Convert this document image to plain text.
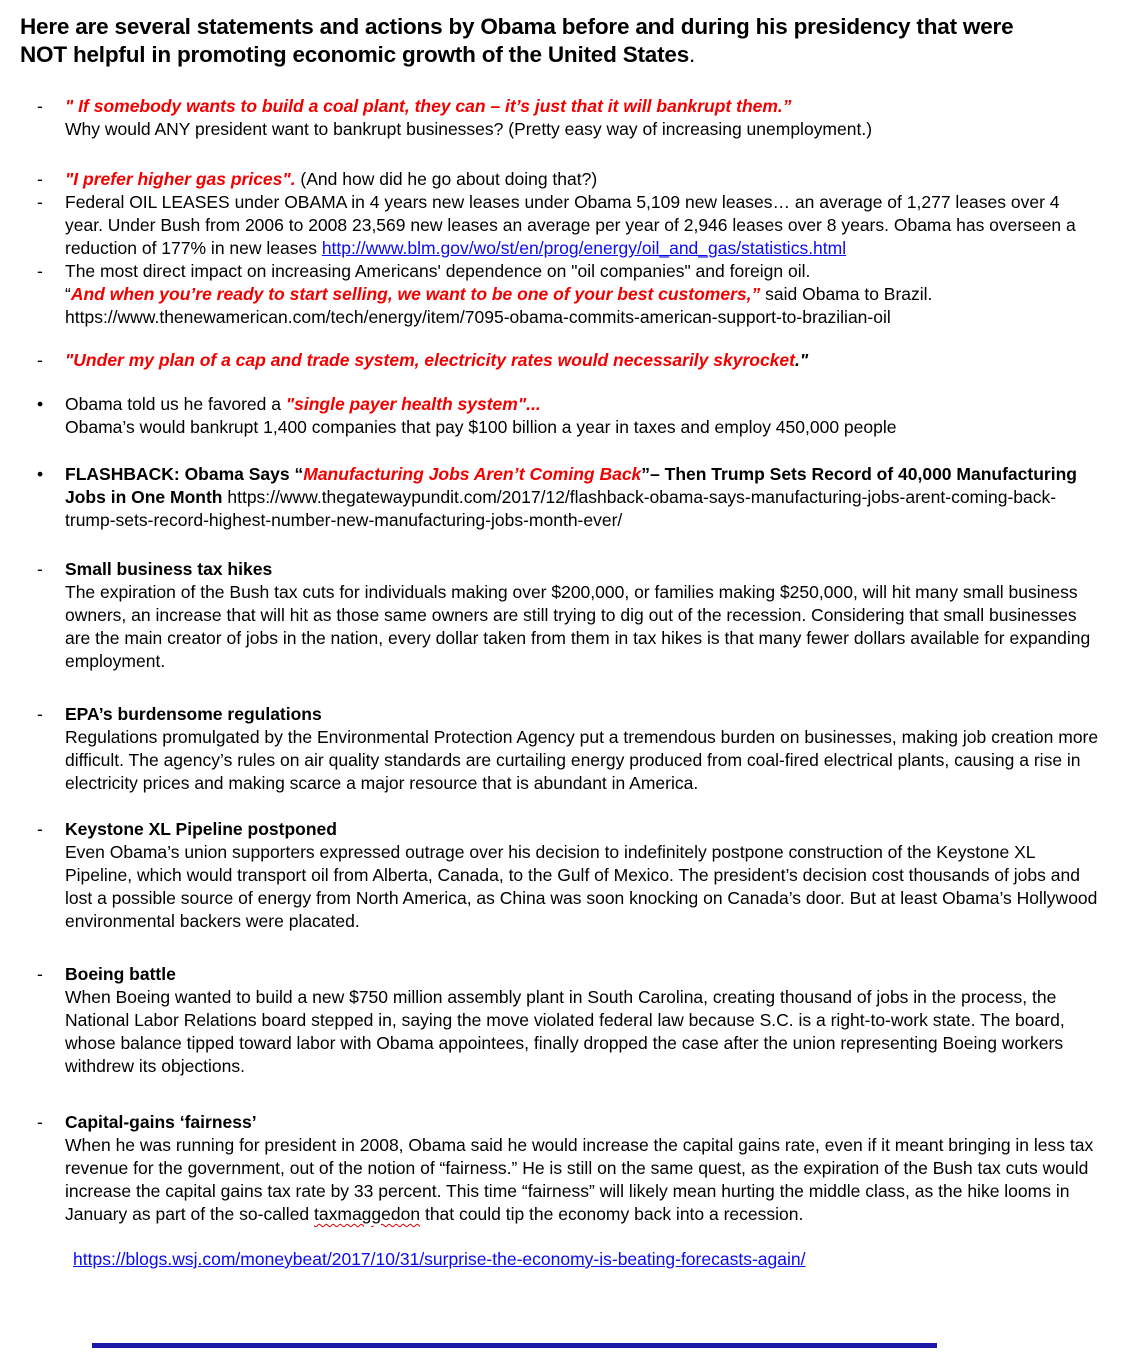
Here are several statements and actions by Obama before and during his presidency that were
NOT helpful in promoting economic growth of the United States.
-	" If somebody wants to build a coal plant, they can – it’s just that it will bankrupt them.”
Why would ANY president want to bankrupt businesses? (Pretty easy way of increasing unemployment.)
-	"I prefer higher gas prices". (And how did he go about doing that?)
-	Federal OIL LEASES under OBAMA in 4 years new leases under Obama 5,109 new leases… an average of 1,277 leases over 4 year. Under Bush from 2006 to 2008 23,569 new leases an average per year of 2,946 leases over 8 years. Obama has overseen a reduction of 177% in new leases http://www.blm.gov/wo/st/en/prog/energy/oil_and_gas/statistics.html
-	The most direct impact on increasing Americans' dependence on "oil companies" and foreign oil.
“And when you’re ready to start selling, we want to be one of your best customers,” said Obama to Brazil.
https://www.thenewamerican.com/tech/energy/item/7095-obama-commits-american-support-to-brazilian-oil
-	"Under my plan of a cap and trade system, electricity rates would necessarily skyrocket."
•	Obama told us he favored a "single payer health system"...
Obama’s would bankrupt 1,400 companies that pay $100 billion a year in taxes and employ 450,000 people
•	FLASHBACK: Obama Says “Manufacturing Jobs Aren’t Coming Back”– Then Trump Sets Record of 40,000 Manufacturing Jobs in One Month https://www.thegatewaypundit.com/2017/12/flashback-obama-says-manufacturing-jobs-arent-coming-back-trump-sets-record-highest-number-new-manufacturing-jobs-month-ever/
-	Small business tax hikes
The expiration of the Bush tax cuts for individuals making over $200,000, or families making $250,000, will hit many small business owners, an increase that will hit as those same owners are still trying to dig out of the recession. Considering that small businesses are the main creator of jobs in the nation, every dollar taken from them in tax hikes is that many fewer dollars available for expanding employment.
-	EPA’s burdensome regulations
Regulations promulgated by the Environmental Protection Agency put a tremendous burden on businesses, making job creation more difficult. The agency’s rules on air quality standards are curtailing energy produced from coal-fired electrical plants, causing a rise in electricity prices and making scarce a major resource that is abundant in America.
-	Keystone XL Pipeline postponed
Even Obama’s union supporters expressed outrage over his decision to indefinitely postpone construction of the Keystone XL Pipeline, which would transport oil from Alberta, Canada, to the Gulf of Mexico. The president’s decision cost thousands of jobs and lost a possible source of energy from North America, as China was soon knocking on Canada’s door. But at least Obama’s Hollywood environmental backers were placated.
-	Boeing battle
When Boeing wanted to build a new $750 million assembly plant in South Carolina, creating thousand of jobs in the process, the National Labor Relations board stepped in, saying the move violated federal law because S.C. is a right-to-work state. The board, whose balance tipped toward labor with Obama appointees, finally dropped the case after the union representing Boeing workers withdrew its objections.
-	Capital-gains ‘fairness’
When he was running for president in 2008, Obama said he would increase the capital gains rate, even if it meant bringing in less tax revenue for the government, out of the notion of “fairness.” He is still on the same quest, as the expiration of the Bush tax cuts would increase the capital gains tax rate by 33 percent. This time “fairness” will likely mean hurting the middle class, as the hike looms in January as part of the so-called taxmaggedon that could tip the economy back into a recession.
https://blogs.wsj.com/moneybeat/2017/10/31/surprise-the-economy-is-beating-forecasts-again/
